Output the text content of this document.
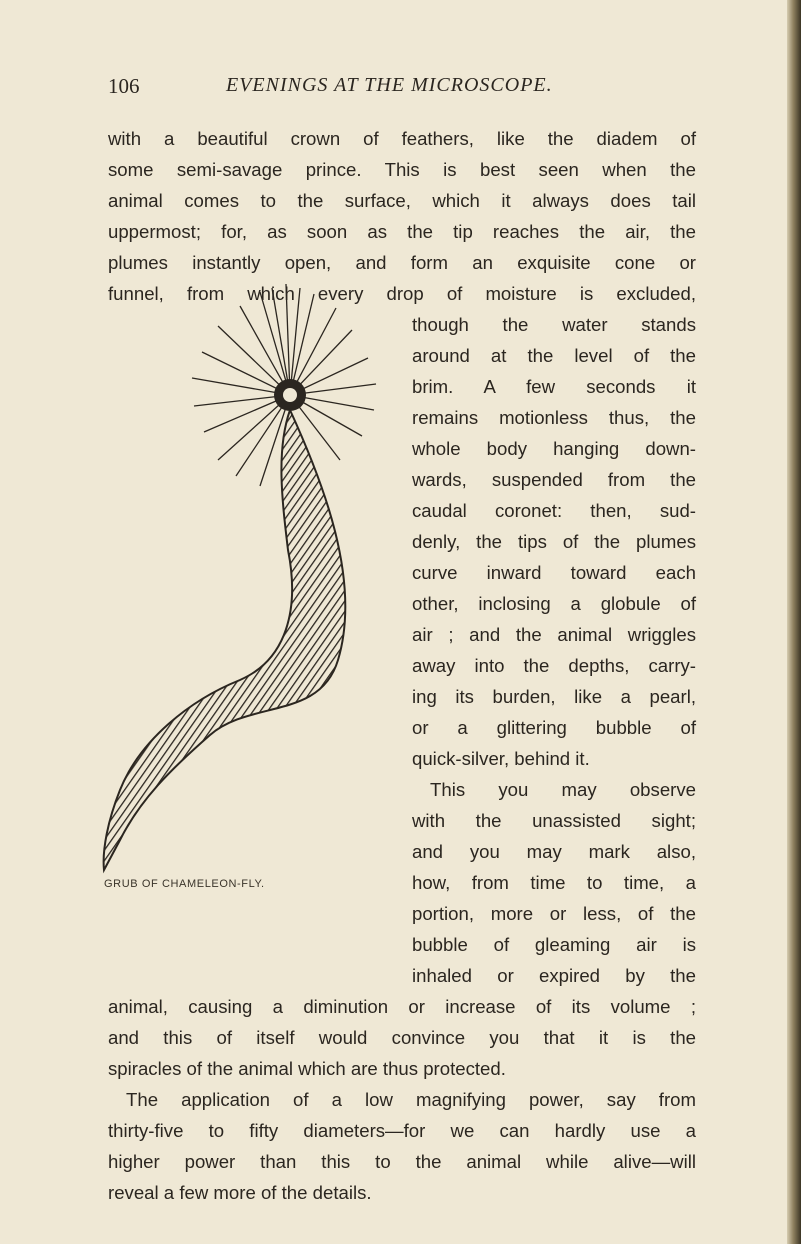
106	EVENINGS AT THE MICROSCOPE.
with a beautiful crown of feathers, like the diadem of
some semi-savage prince. This is best seen when the
animal comes to the surface, which it always does tail
uppermost; for, as soon as the tip reaches the air, the
plumes instantly open, and form an exquisite cone or
funnel, from which every drop of moisture is excluded,
though the water stands
around at the level of the
brim. A few seconds it
remains motionless thus, the
whole body hanging down-
wards, suspended from the
caudal coronet: then, sud-
denly, the tips of the plumes
curve inward toward each
other, inclosing a globule of
air ; and the animal wriggles
away into the depths, carry-
ing its burden, like a pearl,
or a glittering bubble of
quick-silver, behind it.
This you may observe
with the unassisted sight;
and you may mark also,
how, from time to time, a
portion, more or less, of the
bubble of gleaming air is
inhaled or expired by the
animal, causing a diminution or increase of its volume ;
and this of itself would convince you that it is the
spiracles of the animal which are thus protected.
The application of a low magnifying power, say from
thirty-five to fifty diameters—for we can hardly use a
higher power than this to the animal while alive—will
reveal a few more of the details.
GRUB OF CHAMELEON-FLY.
